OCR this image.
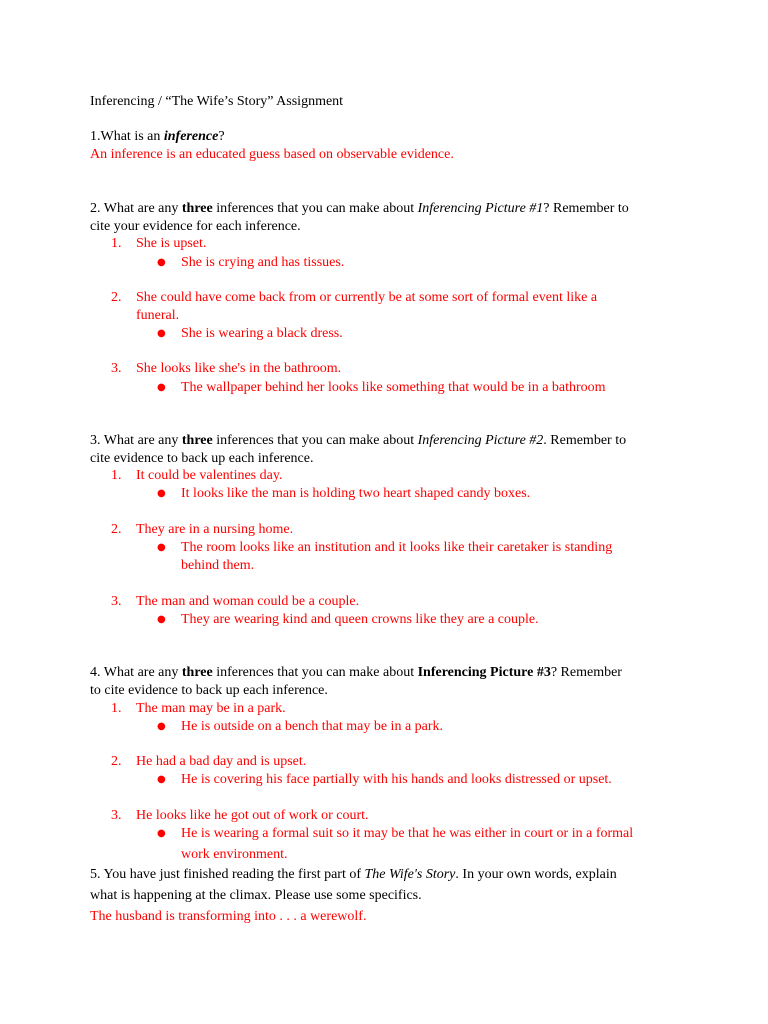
Inferencing / “The Wife’s Story” Assignment
1.What is an inference?
An inference is an educated guess based on observable evidence.
2. What are any three inferences that you can make about Inferencing Picture #1? Remember to
cite your evidence for each inference.
1. She is upset.
●	She is crying and has tissues.
2. She could have come back from or currently be at some sort of formal event like a
funeral.
●	She is wearing a black dress.
3. She looks like she's in the bathroom.
●	The wallpaper behind her looks like something that would be in a bathroom
3. What are any three inferences that you can make about Inferencing Picture #2. Remember to
cite evidence to back up each inference.
1. It could be valentines day.
●	It looks like the man is holding two heart shaped candy boxes.
2. They are in a nursing home.
●	The room looks like an institution and it looks like their caretaker is standing
behind them.
3. The man and woman could be a couple.
●	They are wearing kind and queen crowns like they are a couple.
4. What are any three inferences that you can make about Inferencing Picture #3? Remember
to cite evidence to back up each inference.
1. The man may be in a park.
●	He is outside on a bench that may be in a park.
2. He had a bad day and is upset.
●	He is covering his face partially with his hands and looks distressed or upset.
3. He looks like he got out of work or court.
●	He is wearing a formal suit so it may be that he was either in court or in a formal
work environment.
5. You have just finished reading the first part of The Wife's Story. In your own words, explain
what is happening at the climax. Please use some specifics.
The husband is transforming into . . . a werewolf.
